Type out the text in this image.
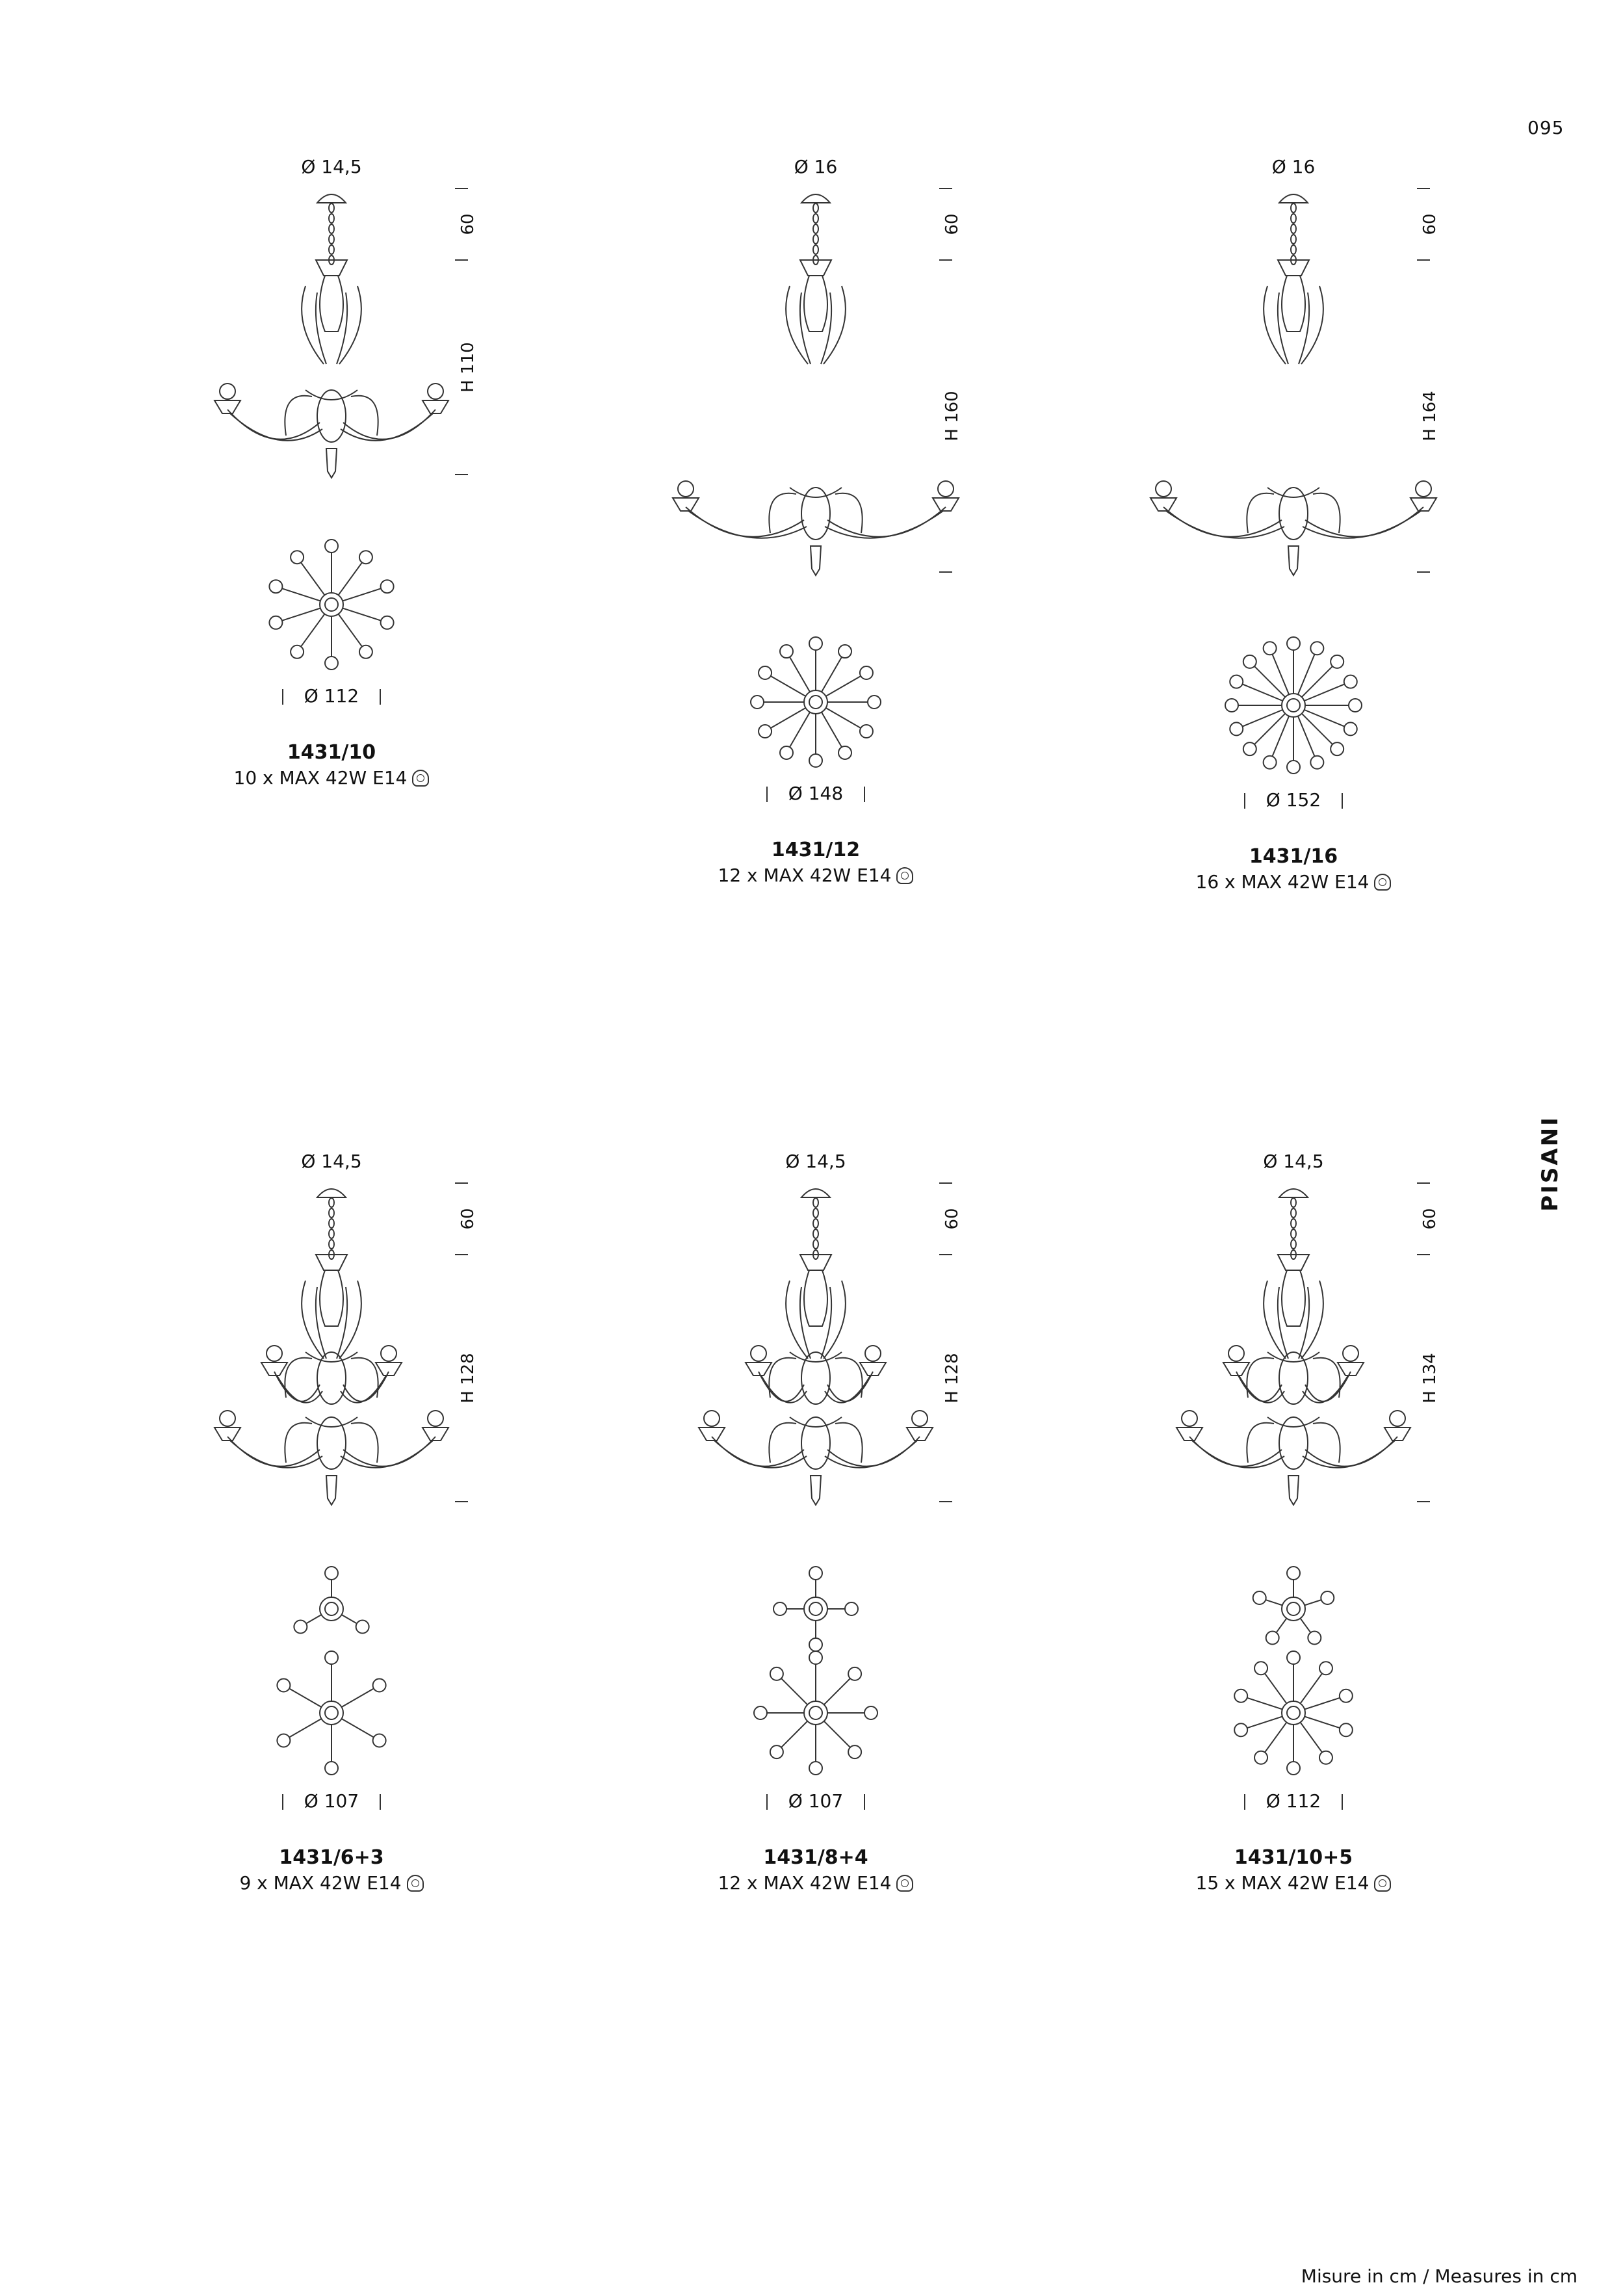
095
PISANI
Misure in cm / Measures in cm
Ø 14,5
60
H 110
Ø 112
1431/10
10 x MAX 42W E14
Ø 16
60
H 160
Ø 148
1431/12
12 x MAX 42W E14
Ø 16
60
H 164
Ø 152
1431/16
16 x MAX 42W E14
Ø 14,5
60
H 128
Ø 107
1431/6+3
9 x MAX 42W E14
Ø 14,5
60
H 128
Ø 107
1431/8+4
12 x MAX 42W E14
Ø 14,5
60
H 134
Ø 112
1431/10+5
15 x MAX 42W E14
